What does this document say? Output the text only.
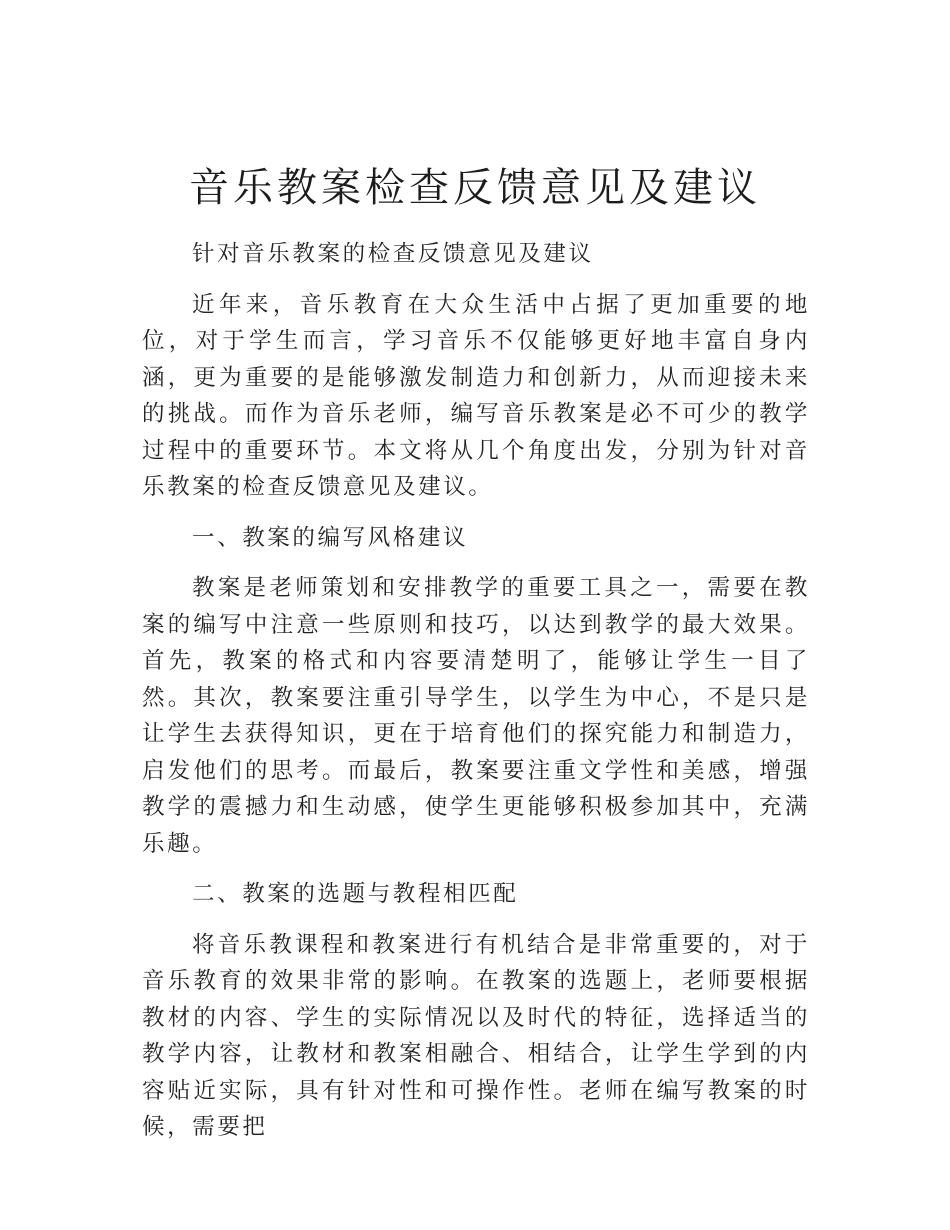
音乐教案检查反馈意见及建议

针对音乐教案的检查反馈意见及建议

近年来，音乐教育在大众生活中占据了更加重要的地位，对于学生而言，学习音乐不仅能够更好地丰富自身内涵，更为重要的是能够激发制造力和创新力，从而迎接未来的挑战。而作为音乐老师，编写音乐教案是必不可少的教学过程中的重要环节。本文将从几个角度出发，分别为针对音乐教案的检查反馈意见及建议。

一、教案的编写风格建议

教案是老师策划和安排教学的重要工具之一，需要在教案的编写中注意一些原则和技巧，以达到教学的最大效果。首先，教案的格式和内容要清楚明了，能够让学生一目了然。其次，教案要注重引导学生，以学生为中心，不是只是让学生去获得知识，更在于培育他们的探究能力和制造力，启发他们的思考。而最后，教案要注重文学性和美感，增强教学的震撼力和生动感，使学生更能够积极参加其中，充满乐趣。

二、教案的选题与教程相匹配

将音乐教课程和教案进行有机结合是非常重要的，对于音乐教育的效果非常的影响。在教案的选题上，老师要根据教材的内容、学生的实际情况以及时代的特征，选择适当的教学内容，让教材和教案相融合、相结合，让学生学到的内容贴近实际，具有针对性和可操作性。老师在编写教案的时候，需要把
